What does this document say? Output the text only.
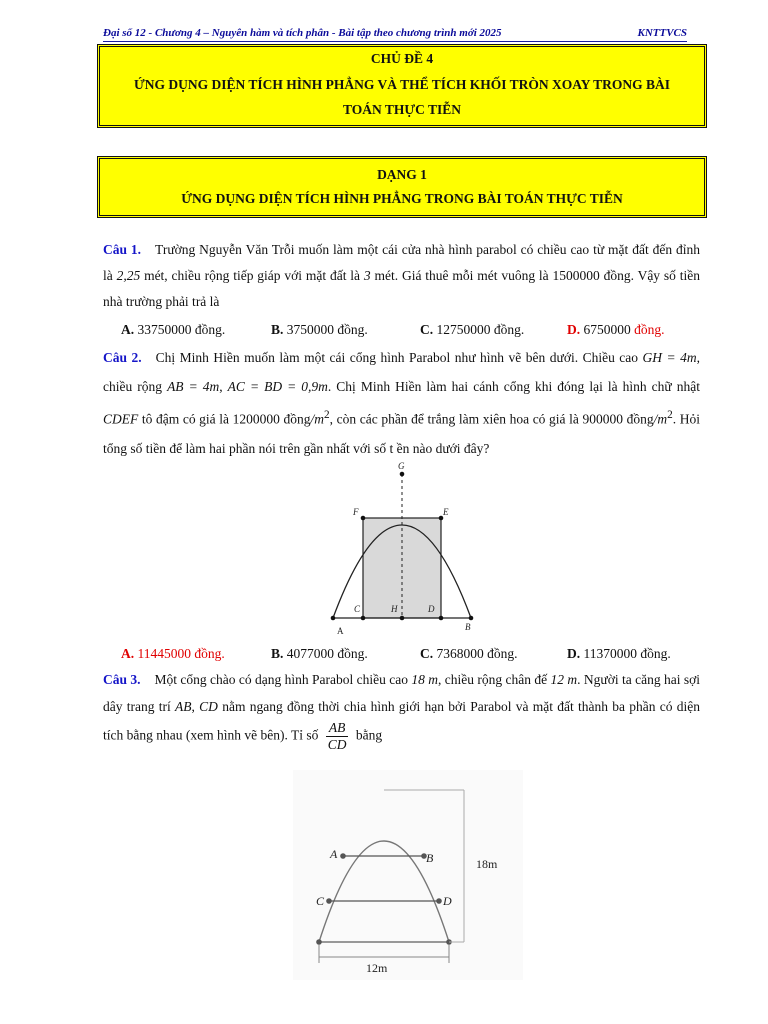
Đại số 12 - Chương 4 – Nguyên hàm và tích phân - Bài tập theo chương trình mới 2025	KNTTVCS
CHỦ ĐỀ 4
ỨNG DỤNG DIỆN TÍCH HÌNH PHẲNG VÀ THỂ TÍCH KHỐI TRÒN XOAY TRONG BÀI
TOÁN THỰC TIỄN
DẠNG 1
ỨNG DỤNG DIỆN TÍCH HÌNH PHẲNG TRONG BÀI TOÁN THỰC TIỄN
Câu 1. Trường Nguyễn Văn Trỗi muốn làm một cái cửa nhà hình parabol có chiều cao từ mặt đất đến đỉnh là 2,25 mét, chiều rộng tiếp giáp với mặt đất là 3 mét. Giá thuê mỗi mét vuông là 1500000 đồng. Vậy số tiền nhà trường phải trả là
A. 33750000 đồng.	B. 3750000 đồng.	C. 12750000 đồng.	D. 6750000 đồng.
Câu 2. Chị Minh Hiền muốn làm một cái cổng hình Parabol như hình vẽ bên dưới. Chiều cao GH = 4m, chiều rộng AB = 4m, AC = BD = 0,9m. Chị Minh Hiền làm hai cánh cổng khi đóng lại là hình chữ nhật CDEF tô đậm có giá là 1200000 đồng/$m^2$, còn các phần để trắng làm xiên hoa có giá là 900000 đồng/$m^2$. Hỏi tổng số tiền để làm hai phần nói trên gần nhất với số t ền nào dưới đây?
G
F	E
C	H	D
B
A
A. 11445000 đồng.	B. 4077000 đồng.	C. 7368000 đồng.	D. 11370000 đồng.
Câu 3. Một cổng chào có dạng hình Parabol chiều cao 18 m, chiều rộng chân đế 12 m. Người ta căng hai sợi dây trang trí AB, CD nằm ngang đồng thời chia hình giới hạn bởi Parabol và mặt đất thành ba phần có diện tích bằng nhau (xem hình vẽ bên). Tỉ số $\frac{AB}{CD}$ bằng
A	B
C	D
18m
12m
